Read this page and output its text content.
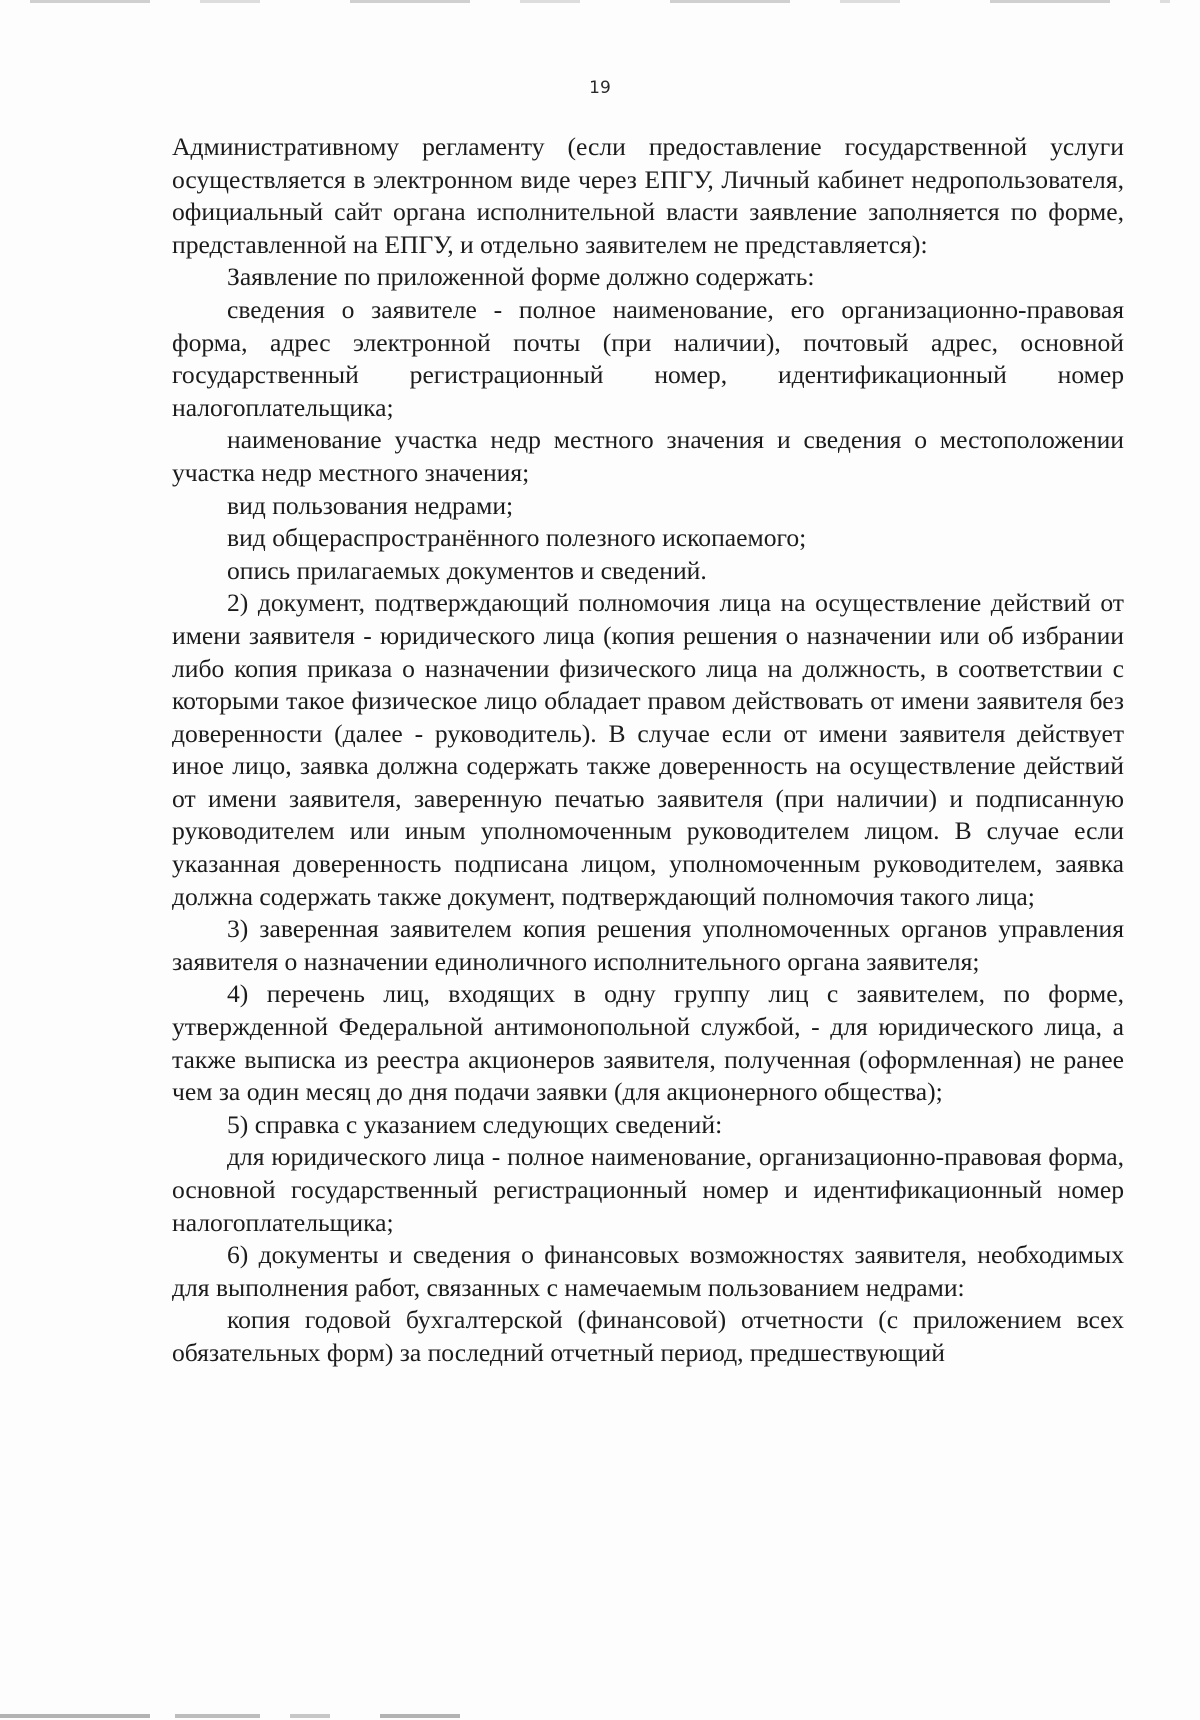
19

Административному регламенту (если предоставление государственной услуги осуществляется в электронном виде через ЕПГУ, Личный кабинет недропользователя, официальный сайт органа исполнительной власти заявление заполняется по форме, представленной на ЕПГУ, и отдельно заявителем не представляется):

Заявление по приложенной форме должно содержать:

сведения о заявителе - полное наименование, его организационно-правовая форма, адрес электронной почты (при наличии), почтовый адрес, основной государственный регистрационный номер, идентификационный номер налогоплательщика;

наименование участка недр местного значения и сведения о местоположении участка недр местного значения;

вид пользования недрами;

вид общераспространённого полезного ископаемого;

опись прилагаемых документов и сведений.

2) документ, подтверждающий полномочия лица на осуществление действий от имени заявителя - юридического лица (копия решения о назначении или об избрании либо копия приказа о назначении физического лица на должность, в соответствии с которыми такое физическое лицо обладает правом действовать от имени заявителя без доверенности (далее - руководитель). В случае если от имени заявителя действует иное лицо, заявка должна содержать также доверенность на осуществление действий от имени заявителя, заверенную печатью заявителя (при наличии) и подписанную руководителем или иным уполномоченным руководителем лицом. В случае если указанная доверенность подписана лицом, уполномоченным руководителем, заявка должна содержать также документ, подтверждающий полномочия такого лица;

3) заверенная заявителем копия решения уполномоченных органов управления заявителя о назначении единоличного исполнительного органа заявителя;

4) перечень лиц, входящих в одну группу лиц с заявителем, по форме, утвержденной Федеральной антимонопольной службой, - для юридического лица, а также выписка из реестра акционеров заявителя, полученная (оформленная) не ранее чем за один месяц до дня подачи заявки (для акционерного общества);

5) справка с указанием следующих сведений:

для юридического лица - полное наименование, организационно-правовая форма, основной государственный регистрационный номер и идентификационный номер налогоплательщика;

6) документы и сведения о финансовых возможностях заявителя, необходимых для выполнения работ, связанных с намечаемым пользованием недрами:

копия годовой бухгалтерской (финансовой) отчетности (с приложением всех обязательных форм) за последний отчетный период, предшествующий
